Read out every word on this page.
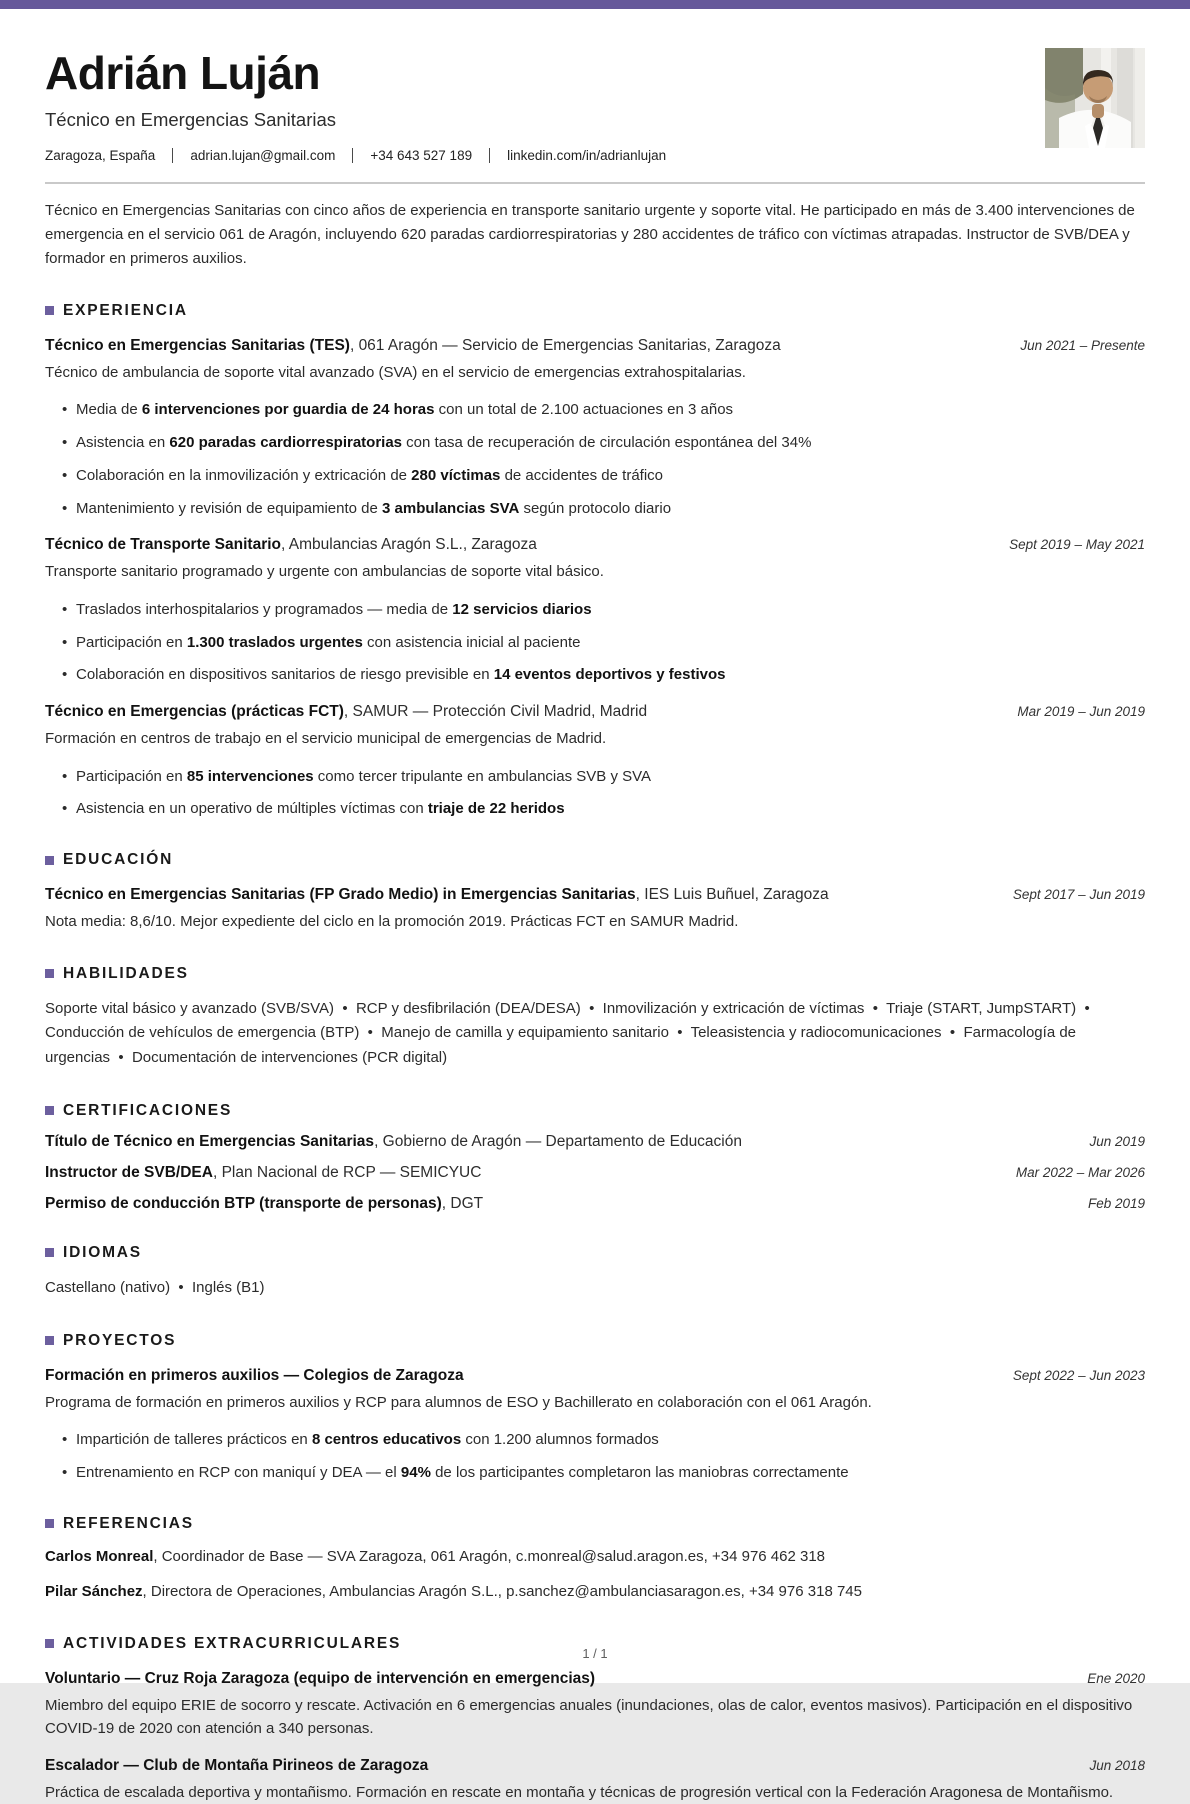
Adrián Luján
Técnico en Emergencias Sanitarias
Zaragoza, España	adrian.lujan@gmail.com	+34 643 527 189	linkedin.com/in/adrianlujan

Técnico en Emergencias Sanitarias con cinco años de experiencia en transporte sanitario urgente y soporte vital. He participado en más de 3.400 intervenciones de emergencia en el servicio 061 de Aragón, incluyendo 620 paradas cardiorrespiratorias y 280 accidentes de tráfico con víctimas atrapadas. Instructor de SVB/DEA y formador en primeros auxilios.

EXPERIENCIA
Técnico en Emergencias Sanitarias (TES), 061 Aragón — Servicio de Emergencias Sanitarias, Zaragoza	Jun 2021 – Presente
Técnico de ambulancia de soporte vital avanzado (SVA) en el servicio de emergencias extrahospitalarias.
• Media de 6 intervenciones por guardia de 24 horas con un total de 2.100 actuaciones en 3 años
• Asistencia en 620 paradas cardiorrespiratorias con tasa de recuperación de circulación espontánea del 34%
• Colaboración en la inmovilización y extricación de 280 víctimas de accidentes de tráfico
• Mantenimiento y revisión de equipamiento de 3 ambulancias SVA según protocolo diario
Técnico de Transporte Sanitario, Ambulancias Aragón S.L., Zaragoza	Sept 2019 – May 2021
Transporte sanitario programado y urgente con ambulancias de soporte vital básico.
• Traslados interhospitalarios y programados — media de 12 servicios diarios
• Participación en 1.300 traslados urgentes con asistencia inicial al paciente
• Colaboración en dispositivos sanitarios de riesgo previsible en 14 eventos deportivos y festivos
Técnico en Emergencias (prácticas FCT), SAMUR — Protección Civil Madrid, Madrid	Mar 2019 – Jun 2019
Formación en centros de trabajo en el servicio municipal de emergencias de Madrid.
• Participación en 85 intervenciones como tercer tripulante en ambulancias SVB y SVA
• Asistencia en un operativo de múltiples víctimas con triaje de 22 heridos
EDUCACIÓN
Técnico en Emergencias Sanitarias (FP Grado Medio) in Emergencias Sanitarias, IES Luis Buñuel, Zaragoza	Sept 2017 – Jun 2019
Nota media: 8,6/10. Mejor expediente del ciclo en la promoción 2019. Prácticas FCT en SAMUR Madrid.
HABILIDADES

Soporte vital básico y avanzado (SVB/SVA)  •  RCP y desfibrilación (DEA/DESA)  •  Inmovilización y extricación de víctimas  •  Triaje (START, JumpSTART)  •  Conducción de vehículos de emergencia (BTP)  •  Manejo de camilla y equipamiento sanitario  •  Teleasistencia y radiocomunicaciones  •  Farmacología de urgencias  •  Documentación de intervenciones (PCR digital)

CERTIFICACIONES
Título de Técnico en Emergencias Sanitarias, Gobierno de Aragón — Departamento de Educación	Jun 2019
Instructor de SVB/DEA, Plan Nacional de RCP — SEMICYUC	Mar 2022 – Mar 2026
Permiso de conducción BTP (transporte de personas), DGT	Feb 2019
IDIOMAS

Castellano (nativo)  •  Inglés (B1)

PROYECTOS
Formación en primeros auxilios — Colegios de Zaragoza	Sept 2022 – Jun 2023
Programa de formación en primeros auxilios y RCP para alumnos de ESO y Bachillerato en colaboración con el 061 Aragón.
• Impartición de talleres prácticos en 8 centros educativos con 1.200 alumnos formados
• Entrenamiento en RCP con maniquí y DEA — el 94% de los participantes completaron las maniobras correctamente
REFERENCIAS
Carlos Monreal, Coordinador de Base — SVA Zaragoza, 061 Aragón, c.monreal@salud.aragon.es, +34 976 462 318
Pilar Sánchez, Directora de Operaciones, Ambulancias Aragón S.L., p.sanchez@ambulanciasaragon.es, +34 976 318 745
ACTIVIDADES EXTRACURRICULARES
Voluntario — Cruz Roja Zaragoza (equipo de intervención en emergencias)	Ene 2020
Miembro del equipo ERIE de socorro y rescate. Activación en 6 emergencias anuales (inundaciones, olas de calor, eventos masivos). Participación en el dispositivo COVID-19 de 2020 con atención a 340 personas.
Escalador — Club de Montaña Pirineos de Zaragoza	Jun 2018
Práctica de escalada deportiva y montañismo. Formación en rescate en montaña y técnicas de progresión vertical con la Federación Aragonesa de Montañismo.
1 / 1
